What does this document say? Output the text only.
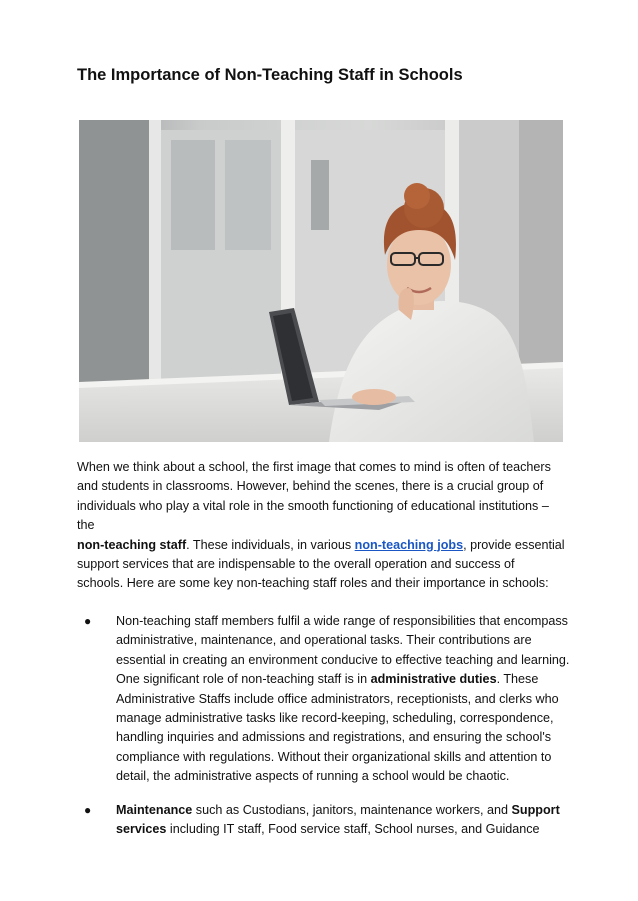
The Importance of Non-Teaching Staff in Schools
When we think about a school, the first image that comes to mind is often of teachers
and students in classrooms. However, behind the scenes, there is a crucial group of
individuals who play a vital role in the smooth functioning of educational institutions –
the
non-teaching staff. These individuals, in various non-teaching jobs, provide essential
support services that are indispensable to the overall operation and success of
schools. Here are some key non-teaching staff roles and their importance in schools:
●	Non-teaching staff members fulfil a wide range of responsibilities that encompass
administrative, maintenance, and operational tasks. Their contributions are
essential in creating an environment conducive to effective teaching and learning.
One significant role of non-teaching staff is in administrative duties. These
Administrative Staffs include office administrators, receptionists, and clerks who
manage administrative tasks like record-keeping, scheduling, correspondence,
handling inquiries and admissions and registrations, and ensuring the school's
compliance with regulations. Without their organizational skills and attention to
detail, the administrative aspects of running a school would be chaotic.
●	Maintenance such as Custodians, janitors, maintenance workers, and Support
services including IT staff, Food service staff, School nurses, and Guidance
